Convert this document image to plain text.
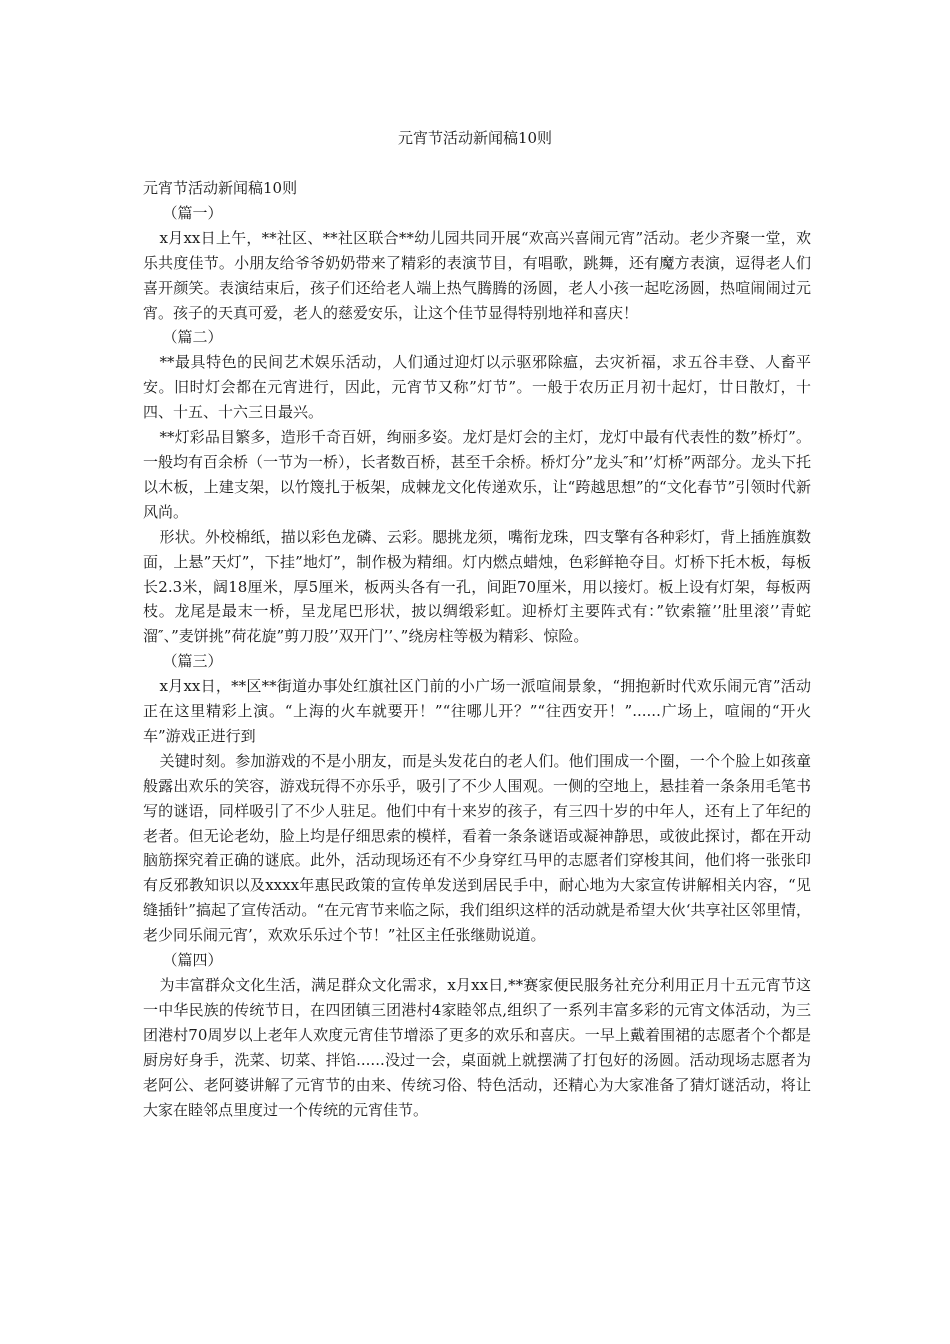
元宵节活动新闻稿10则

元宵节活动新闻稿10则

（篇一）

x月xx日上午，**社区、**社区联合**幼儿园共同开展“欢高兴喜闹元宵”活动。老少齐聚一堂，欢乐共度佳节。小朋友给爷爷奶奶带来了精彩的表演节目，有唱歌，跳舞，还有魔方表演，逗得老人们喜开颜笑。表演结束后，孩子们还给老人端上热气腾腾的汤圆，老人小孩一起吃汤圆，热喧闹闹过元宵。孩子的天真可爱，老人的慈爱安乐，让这个佳节显得特别地祥和喜庆！

（篇二）

**最具特色的民间艺术娱乐活动，人们通过迎灯以示驱邪除瘟，去灾祈福，求五谷丰登、人畜平安。旧时灯会都在元宵进行，因此，元宵节又称”灯节”。一般于农历正月初十起灯，廿日散灯，十四、十五、十六三日最兴。

**灯彩品目繁多，造形千奇百妍，绚丽多姿。龙灯是灯会的主灯，龙灯中最有代表性的数”桥灯”。一般均有百余桥（一节为一桥），长者数百桥，甚至千余桥。桥灯分”龙头″和’’灯桥”两部分。龙头下托以木板，上建支架，以竹篾扎于板架，成棘龙文化传递欢乐，让“跨越思想”的“文化春节”引领时代新风尚。

形状。外校棉纸，描以彩色龙磷、云彩。腮挑龙须，嘴衔龙珠，四支擎有各种彩灯，背上插旌旗数面，上悬”天灯”，下挂”地灯”，制作极为精细。灯内燃点蜡烛，色彩鲜艳夺目。灯桥下托木板，每板长2.3米，阔18厘米，厚5厘米，板两头各有一孔，间距70厘米，用以接灯。板上设有灯架，每板两枝。龙尾是最末一桥，呈龙尾巴形状，披以绸缎彩虹。迎桥灯主要阵式有：”钦索箍’’肚里滚’’青蛇溜″、”麦饼挑”荷花旋”剪刀股’’双开门’’、”绕房柱等极为精彩、惊险。

（篇三）

x月xx日，**区**街道办事处红旗社区门前的小广场一派喧闹景象，“拥抱新时代欢乐闹元宵”活动正在这里精彩上演。“上海的火车就要开！”“往哪儿开？”“往西安开！”......广场上，喧闹的“开火车”游戏正进行到

关键时刻。参加游戏的不是小朋友，而是头发花白的老人们。他们围成一个圈，一个个脸上如孩童般露出欢乐的笑容，游戏玩得不亦乐乎，吸引了不少人围观。一侧的空地上，悬挂着一条条用毛笔书写的谜语，同样吸引了不少人驻足。他们中有十来岁的孩子，有三四十岁的中年人，还有上了年纪的老者。但无论老幼，脸上均是仔细思索的模样，看着一条条谜语或凝神静思，或彼此探讨，都在开动脑筋探究着正确的谜底。此外，活动现场还有不少身穿红马甲的志愿者们穿梭其间，他们将一张张印有反邪教知识以及xxxx年惠民政策的宣传单发送到居民手中，耐心地为大家宣传讲解相关内容，“见缝插针”搞起了宣传活动。“在元宵节来临之际，我们组织这样的活动就是希望大伙‘共享社区邻里情，老少同乐闹元宵’，欢欢乐乐过个节！”社区主任张继勋说道。

（篇四）

为丰富群众文化生活，满足群众文化需求，x月xx日,**赛家便民服务社充分利用正月十五元宵节这一中华民族的传统节日，在四团镇三团港村4家睦邻点,组织了一系列丰富多彩的元宵文体活动，为三团港村70周岁以上老年人欢度元宵佳节增添了更多的欢乐和喜庆。一早上戴着围裙的志愿者个个都是厨房好身手，洗菜、切菜、拌馅......没过一会，桌面就上就摆满了打包好的汤圆。活动现场志愿者为老阿公、老阿婆讲解了元宵节的由来、传统习俗、特色活动，还精心为大家准备了猜灯谜活动，将让大家在睦邻点里度过一个传统的元宵佳节。
